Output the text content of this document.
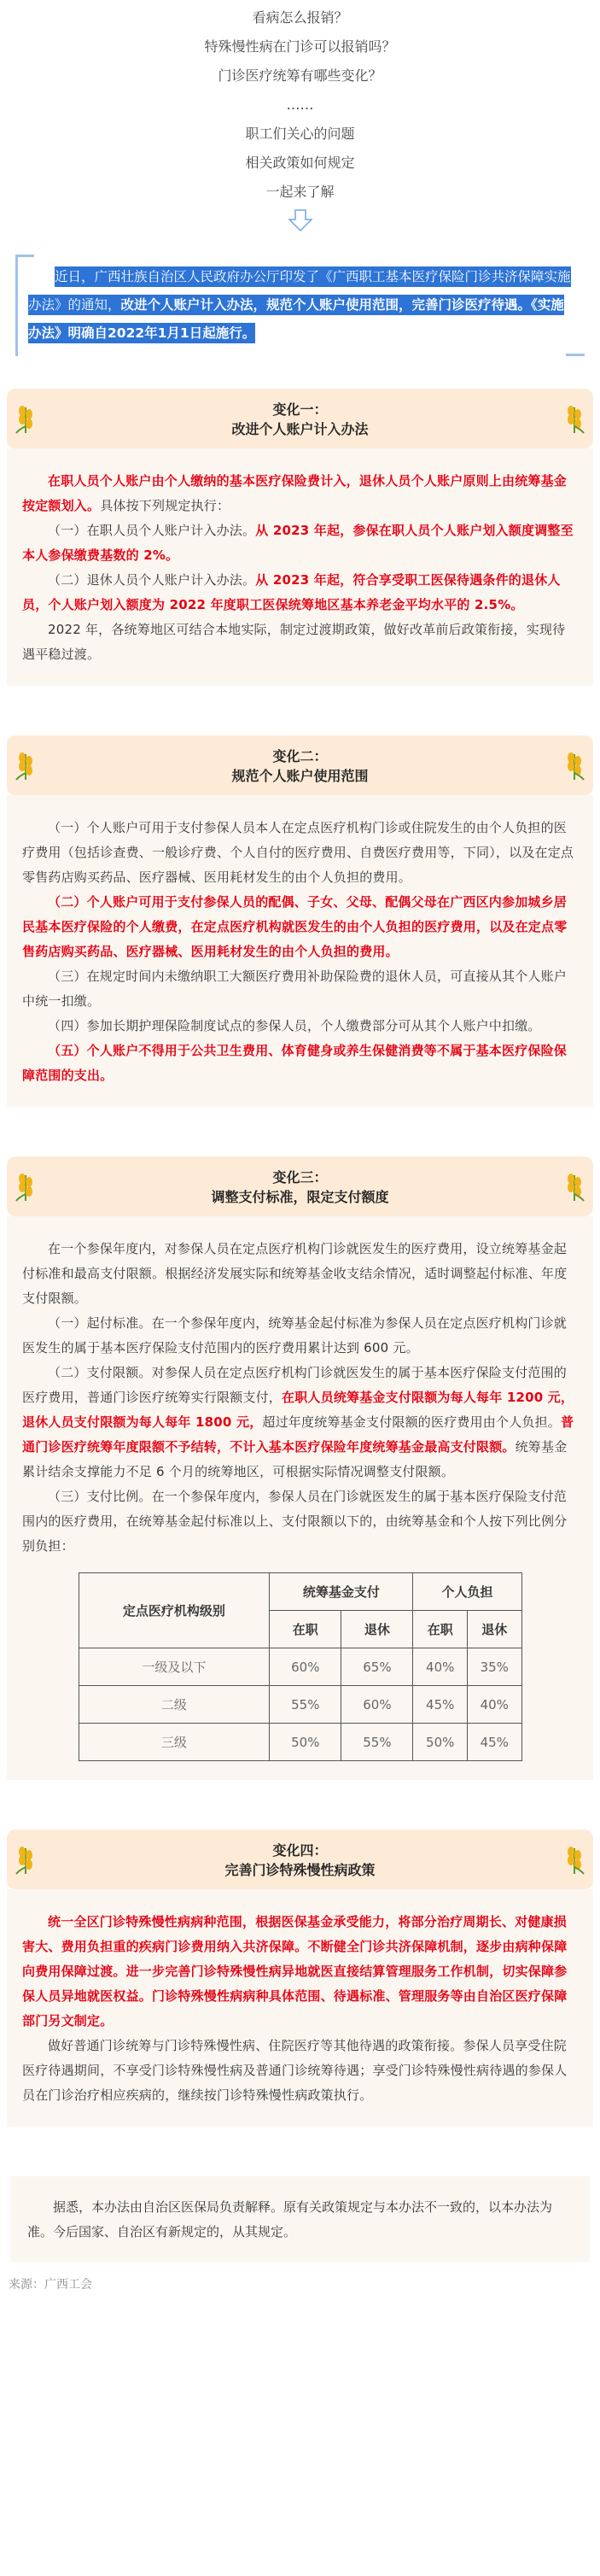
看病怎么报销？

特殊慢性病在门诊可以报销吗？

门诊医疗统筹有哪些变化？

……

职工们关心的问题

相关政策如何规定

一起来了解

近日，广西壮族自治区人民政府办公厅印发了《广西职工基本医疗保险门诊共济保障实施办法》的通知，改进个人账户计入办法，规范个人账户使用范围，完善门诊医疗待遇。《实施办法》明确自2022年1月1日起施行。

变化一：
改进个人账户计入办法

在职人员个人账户由个人缴纳的基本医疗保险费计入，退休人员个人账户原则上由统筹基金按定额划入。具体按下列规定执行：

（一）在职人员个人账户计入办法。从 2023 年起，参保在职人员个人账户划入额度调整至本人参保缴费基数的 2%。

（二）退休人员个人账户计入办法。从 2023 年起，符合享受职工医保待遇条件的退休人员，个人账户划入额度为 2022 年度职工医保统筹地区基本养老金平均水平的 2.5%。

2022 年，各统筹地区可结合本地实际，制定过渡期政策，做好改革前后政策衔接，实现待遇平稳过渡。

变化二：
规范个人账户使用范围

（一）个人账户可用于支付参保人员本人在定点医疗机构门诊或住院发生的由个人负担的医疗费用（包括诊查费、一般诊疗费、个人自付的医疗费用、自费医疗费用等，下同），以及在定点零售药店购买药品、医疗器械、医用耗材发生的由个人负担的费用。

（二）个人账户可用于支付参保人员的配偶、子女、父母、配偶父母在广西区内参加城乡居民基本医疗保险的个人缴费，在定点医疗机构就医发生的由个人负担的医疗费用，以及在定点零售药店购买药品、医疗器械、医用耗材发生的由个人负担的费用。

（三）在规定时间内未缴纳职工大额医疗费用补助保险费的退休人员，可直接从其个人账户中统一扣缴。

（四）参加长期护理保险制度试点的参保人员，个人缴费部分可从其个人账户中扣缴。

（五）个人账户不得用于公共卫生费用、体育健身或养生保健消费等不属于基本医疗保险保障范围的支出。

变化三：
调整支付标准，限定支付额度

在一个参保年度内，对参保人员在定点医疗机构门诊就医发生的医疗费用，设立统筹基金起付标准和最高支付限额。根据经济发展实际和统筹基金收支结余情况，适时调整起付标准、年度支付限额。

（一）起付标准。在一个参保年度内，统筹基金起付标准为参保人员在定点医疗机构门诊就医发生的属于基本医疗保险支付范围内的医疗费用累计达到 600 元。

（二）支付限额。对参保人员在定点医疗机构门诊就医发生的属于基本医疗保险支付范围的医疗费用，普通门诊医疗统筹实行限额支付，在职人员统筹基金支付限额为每人每年 1200 元，退休人员支付限额为每人每年 1800 元，超过年度统筹基金支付限额的医疗费用由个人负担。普通门诊医疗统筹年度限额不予结转，不计入基本医疗保险年度统筹基金最高支付限额。统筹基金累计结余支撑能力不足 6 个月的统筹地区，可根据实际情况调整支付限额。

（三）支付比例。在一个参保年度内，参保人员在门诊就医发生的属于基本医疗保险支付范围内的医疗费用，在统筹基金起付标准以上、支付限额以下的，由统筹基金和个人按下列比例分别负担：

定点医疗机构级别	统筹基金支付		个人负担	
	在职	退休	在职	退休
一级及以下	60%	65%	40%	35%
二级	55%	60%	45%	40%
三级	50%	55%	50%	45%
变化四：
完善门诊特殊慢性病政策

统一全区门诊特殊慢性病病种范围，根据医保基金承受能力，将部分治疗周期长、对健康损害大、费用负担重的疾病门诊费用纳入共济保障。不断健全门诊共济保障机制，逐步由病种保障向费用保障过渡。进一步完善门诊特殊慢性病异地就医直接结算管理服务工作机制，切实保障参保人员异地就医权益。门诊特殊慢性病病种具体范围、待遇标准、管理服务等由自治区医疗保障部门另文制定。

做好普通门诊统筹与门诊特殊慢性病、住院医疗等其他待遇的政策衔接。参保人员享受住院医疗待遇期间，不享受门诊特殊慢性病及普通门诊统筹待遇；享受门诊特殊慢性病待遇的参保人员在门诊治疗相应疾病的，继续按门诊特殊慢性病政策执行。

据悉，本办法由自治区医保局负责解释。原有关政策规定与本办法不一致的，以本办法为准。今后国家、自治区有新规定的，从其规定。

来源：广西工会
